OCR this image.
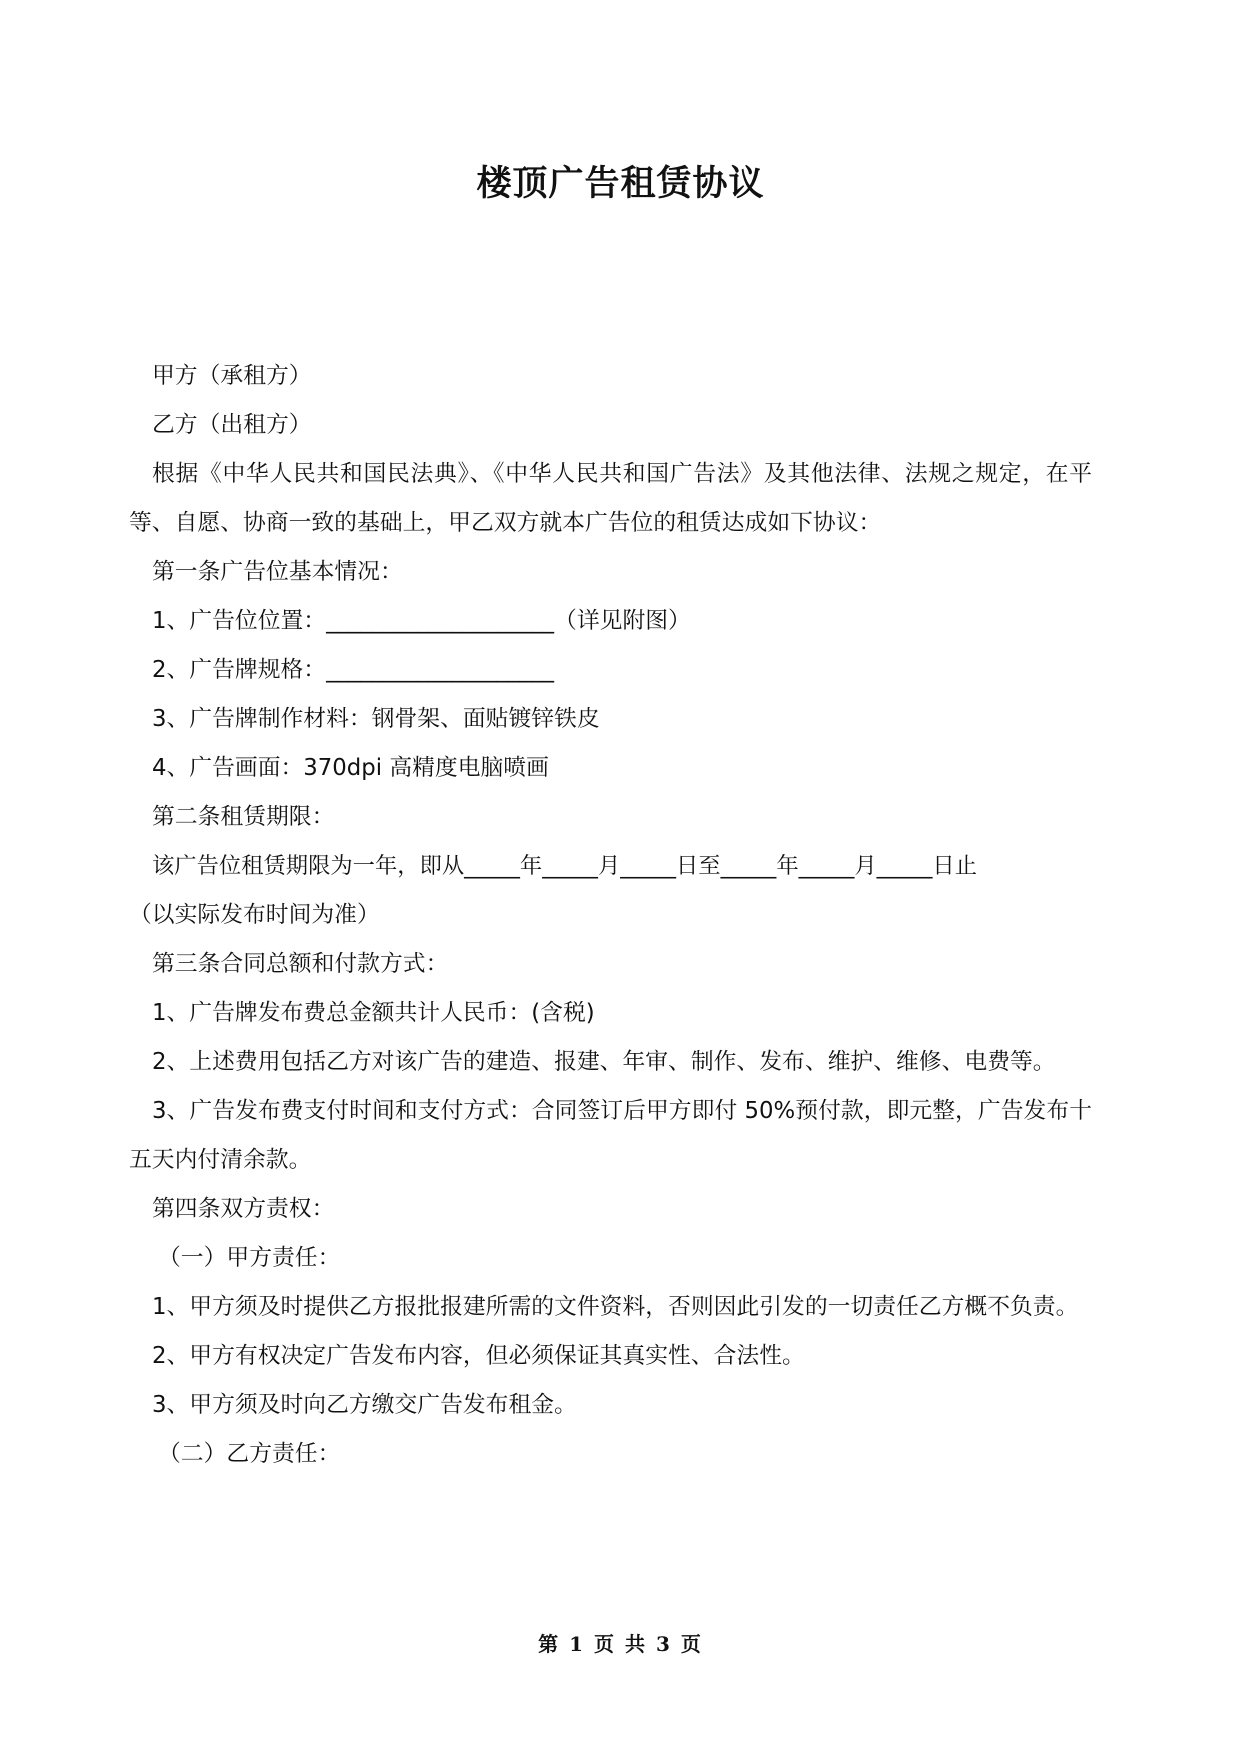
楼顶广告租赁协议

甲方（承租方）

乙方（出租方）

根据《中华人民共和国民法典》、《中华人民共和国广告法》及其他法律、法规之规定，在平等、自愿、协商一致的基础上，甲乙双方就本广告位的租赁达成如下协议：

第一条广告位基本情况：

1、广告位位置：____________________（详见附图）

2、广告牌规格：____________________

3、广告牌制作材料：钢骨架、面贴镀锌铁皮

4、广告画面：370dpi 高精度电脑喷画

第二条租赁期限：

该广告位租赁期限为一年，即从_____年_____月_____日至_____年_____月_____日止

（以实际发布时间为准）

第三条合同总额和付款方式：

1、广告牌发布费总金额共计人民币：(含税)

2、上述费用包括乙方对该广告的建造、报建、年审、制作、发布、维护、维修、电费等。

3、广告发布费支付时间和支付方式：合同签订后甲方即付 50%预付款，即元整，广告发布十五天内付清余款。

第四条双方责权：

（一）甲方责任：

1、甲方须及时提供乙方报批报建所需的文件资料，否则因此引发的一切责任乙方概不负责。

2、甲方有权决定广告发布内容，但必须保证其真实性、合法性。

3、甲方须及时向乙方缴交广告发布租金。

（二）乙方责任：

第 1 页 共 3 页
